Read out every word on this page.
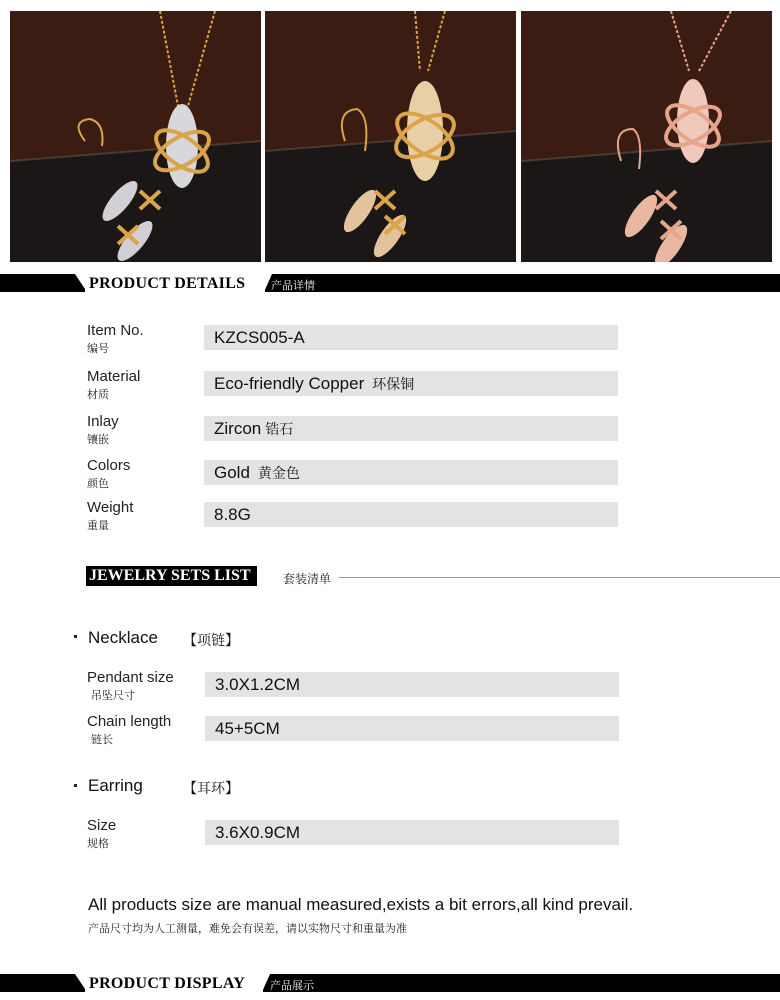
PRODUCT DETAILS 产品详情
Item No.
编号
KZCS005-A
Material
材质
Eco-friendly Copper 环保铜
Inlay
镶嵌
Zircon 锆石
Colors
颜色
Gold 黄金色
Weight
重量
8.8G
JEWELRY SETS LIST	套装清单
Necklace 【项链】
Pendant size
吊坠尺寸
3.0X1.2CM
Chain length
链长
45+5CM
Earring	【耳环】
Size
规格
3.6X0.9CM
All products size are manual measured,exists a bit errors,all kind prevail.
产品尺寸均为人工测量，难免会有误差，请以实物尺寸和重量为准
PRODUCT DISPLAY 产品展示
